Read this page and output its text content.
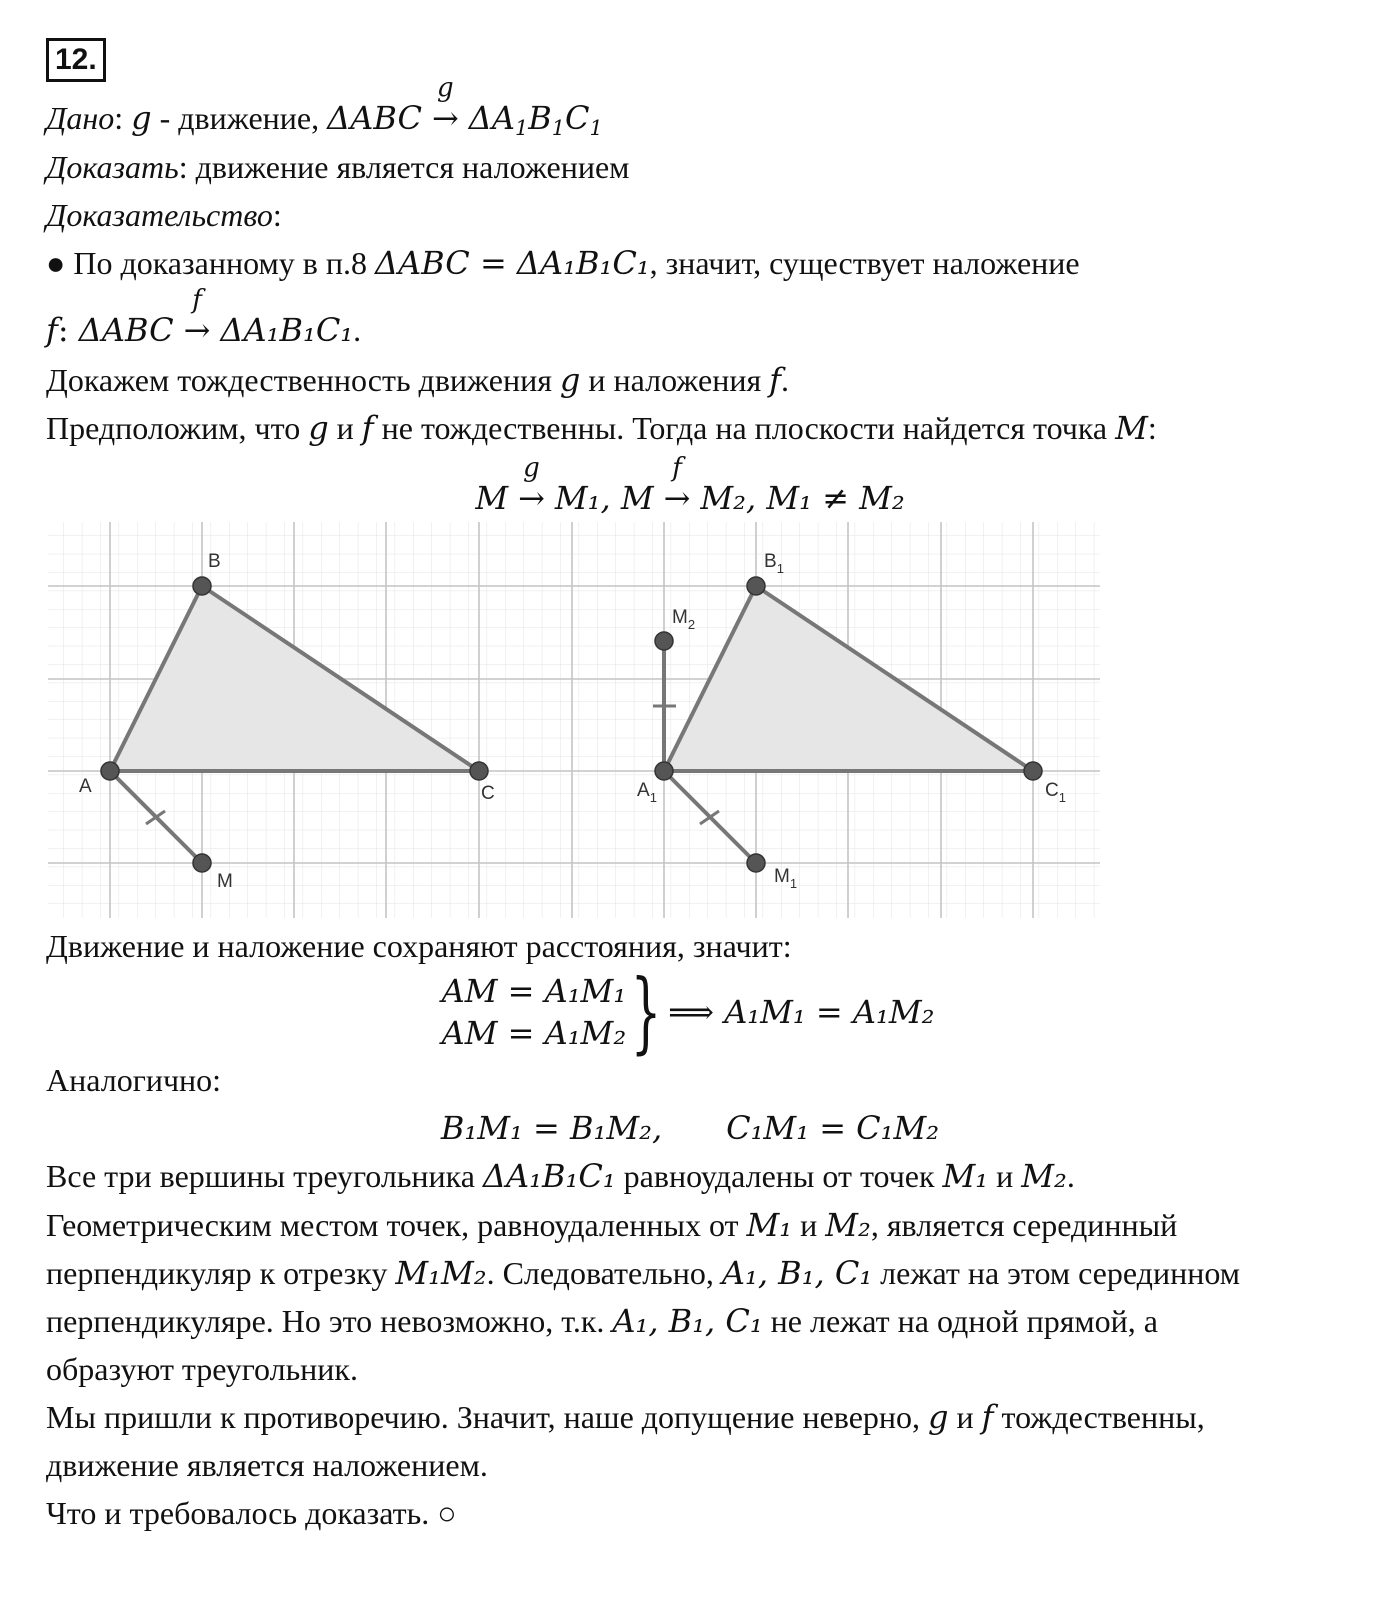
12.
Дано: g - движение, ΔABC →
g
$\Delta A_1B_1C_1$
Доказать: движение является наложением
Доказательство:
● По доказанному в п.8 ΔABC = ΔA₁B₁C₁, значит, существует наложение
f: ΔABC →
f
ΔA₁B₁C₁.
Докажем тождественность движения g и наложения f.
Предположим, что g и f не тождественны. Тогда на плоскости найдется точка M:
M →
g
M₁, M →
f
M₂, M₁ ≠ M₂
B
A	C
M
$B_1$
$A_1$	$C_1$
$M_1$
$M_2$
Движение и наложение сохраняют расстояния, значит:
AM = A₁M₁
AM = A₁M₂ } ⟹ A₁M₁ = A₁M₂
Аналогично:
B₁M₁ = B₁M₂, C₁M₁ = C₁M₂
Все три вершины треугольника ΔA₁B₁C₁ равноудалены от точек M₁ и M₂.
Геометрическим местом точек, равноудаленных от M₁ и M₂, является серединный
перпендикуляр к отрезку M₁M₂. Следовательно, A₁, B₁, C₁ лежат на этом серединном
перпендикуляре. Но это невозможно, т.к. A₁, B₁, C₁ не лежат на одной прямой, а
образуют треугольник.
Мы пришли к противоречию. Значит, наше допущение неверно, g и f тождественны,
движение является наложением.
Что и требовалось доказать. ○
